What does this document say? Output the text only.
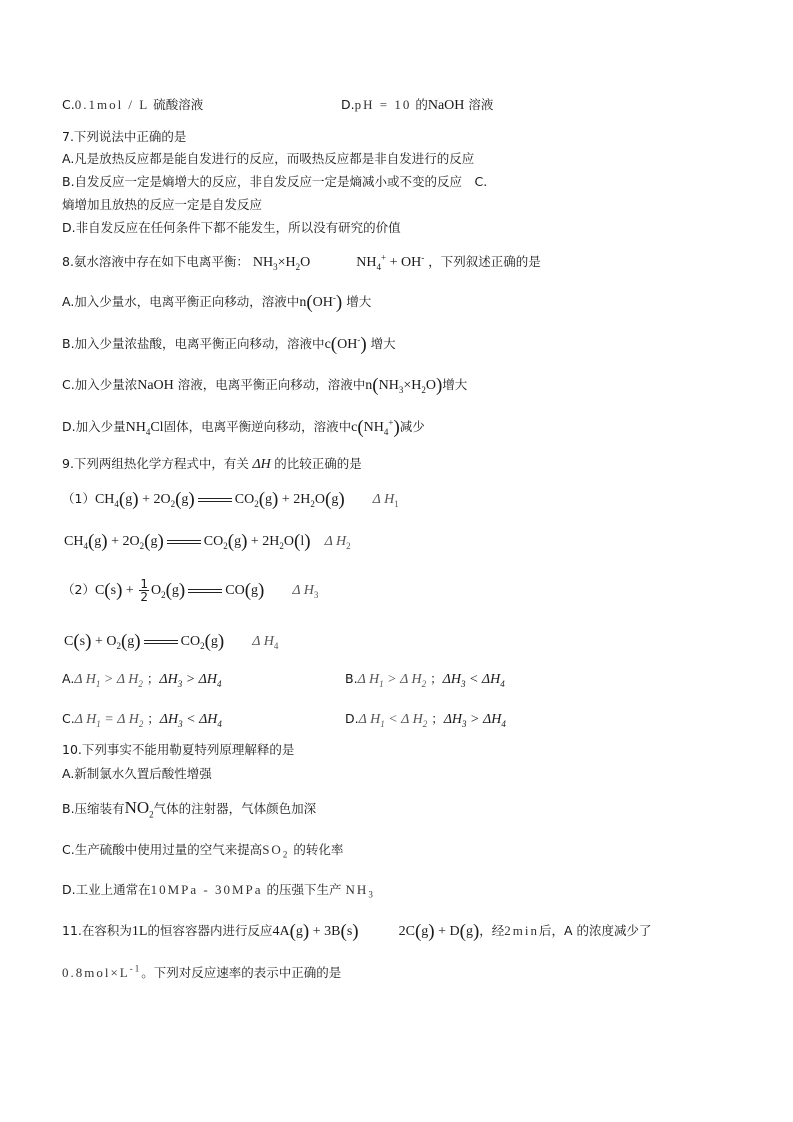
C.0.1mol / L 硫酸溶液	D.pH = 10 的NaOH 溶液
7.下列说法中正确的是
A.凡是放热反应都是能自发进行的反应，而吸热反应都是非自发进行的反应
B.自发反应一定是熵增大的反应，非自发反应一定是熵减小或不变的反应　C.
熵增加且放热的反应一定是自发反应
D.非自发反应在任何条件下都不能发生，所以没有研究的价值
8.氨水溶液中存在如下电离平衡： $NH_3\times H_2O$	$NH_4^+ + OH^-$ ，下列叙述正确的是
A.加入少量水，电离平衡正向移动，溶液中n(OH-) 增大
B.加入少量浓盐酸，电离平衡正向移动，溶液中c(OH-) 增大
C.加入少量浓NaOH 溶液，电离平衡正向移动，溶液中$n(NH_3\times H_2O)$增大
D.加入少量$NH_4Cl$固体，电离平衡逆向移动，溶液中$c(NH_4^+)$减少
9.下列两组热化学方程式中，有关 ΔH 的比较正确的是
$(1)CH_4(g) + 2O_2(g)$	$CO_2(g) + 2H_2O(g)$　　 Δ $H_1$
$CH_4(g) + 2O_2(g)$	$CO_2(g) + 2H_2O(l)$　 Δ $H_2$
$(2)C(s) + \frac{1}{2} O_2(g)$	CO(g)　　 Δ $H_3$
$C(s) + O_2(g)$	$CO_2(g)$　　 Δ $H_4$
A.Δ $H_1 > \Delta$ $H_2$ ；$\Delta H_3 > \Delta H_4$	B.Δ $H_1 > \Delta$ $H_2$ ；$\Delta H_3 < \Delta H_4$
C.Δ $H_1 = \Delta$ $H_2$ ；$\Delta H_3 < \Delta H_4$	D.Δ $H_1 < \Delta$ $H_2$ ；$\Delta H_3 > \Delta H_4$
10.下列事实不能用勒夏特列原理解释的是
A.新制氯水久置后酸性增强
B.压缩装有$NO_2$气体的注射器，气体颜色加深
C.生产硫酸中使用过量的空气来提高$SO_2$ 的转化率
D.工业上通常在10MPa - 30MPa 的压强下生产 $NH_3$
11.在容积为1L的恒容容器内进行反应4A(g) + 3B(s)	2C(g) + D(g)，经2min后，A 的浓度减少了
$0.8mol\times L^{-1}$。下列对反应速率的表示中正确的是
